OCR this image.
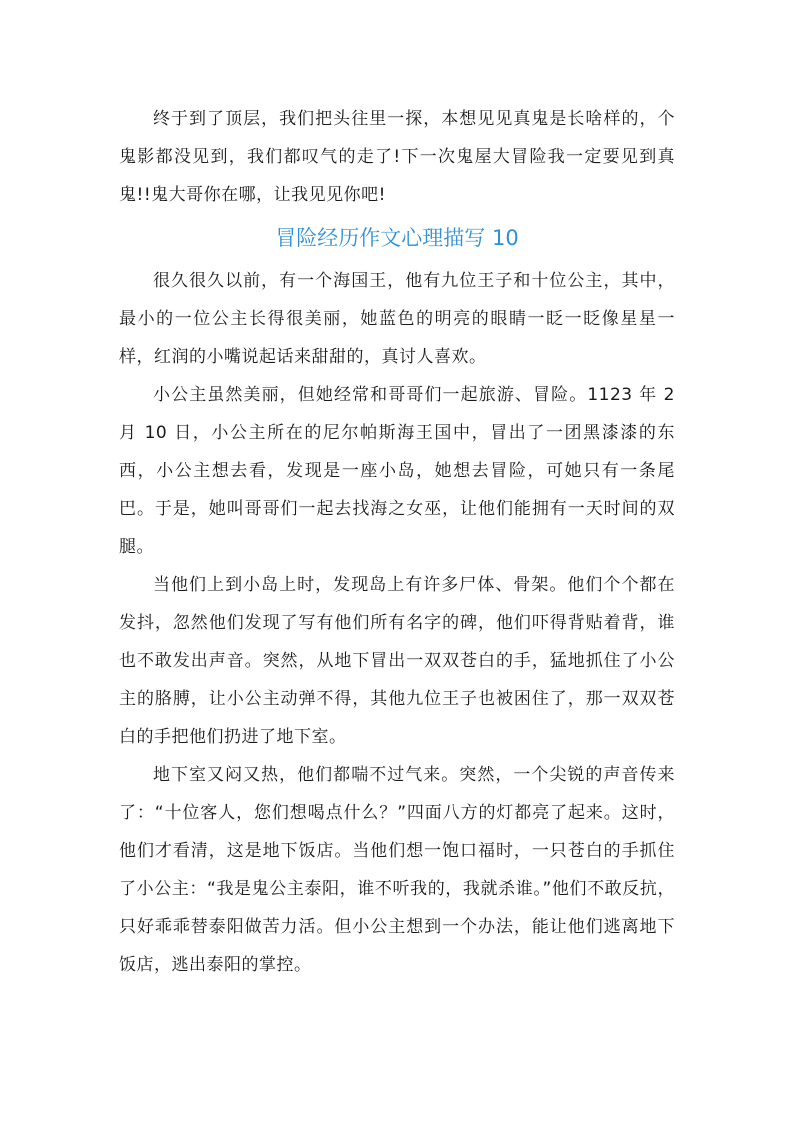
终于到了顶层，我们把头往里一探，本想见见真鬼是长啥样的，个鬼影都没见到，我们都叹气的走了!下一次鬼屋大冒险我一定要见到真鬼!!鬼大哥你在哪，让我见见你吧!

冒险经历作文心理描写 10

很久很久以前，有一个海国王，他有九位王子和十位公主，其中，最小的一位公主长得很美丽，她蓝色的明亮的眼睛一眨一眨像星星一样，红润的小嘴说起话来甜甜的，真讨人喜欢。

小公主虽然美丽，但她经常和哥哥们一起旅游、冒险。1123 年 2 月 10 日，小公主所在的尼尔帕斯海王国中，冒出了一团黑漆漆的东西，小公主想去看，发现是一座小岛，她想去冒险，可她只有一条尾巴。于是，她叫哥哥们一起去找海之女巫，让他们能拥有一天时间的双腿。

当他们上到小岛上时，发现岛上有许多尸体、骨架。他们个个都在发抖，忽然他们发现了写有他们所有名字的碑，他们吓得背贴着背，谁也不敢发出声音。突然，从地下冒出一双双苍白的手，猛地抓住了小公主的胳膊，让小公主动弹不得，其他九位王子也被困住了，那一双双苍白的手把他们扔进了地下室。

地下室又闷又热，他们都喘不过气来。突然，一个尖锐的声音传来了：“十位客人，您们想喝点什么？”四面八方的灯都亮了起来。这时，他们才看清，这是地下饭店。当他们想一饱口福时，一只苍白的手抓住了小公主：“我是鬼公主泰阳，谁不听我的，我就杀谁。”他们不敢反抗，只好乖乖替泰阳做苦力活。但小公主想到一个办法，能让他们逃离地下饭店，逃出泰阳的掌控。
